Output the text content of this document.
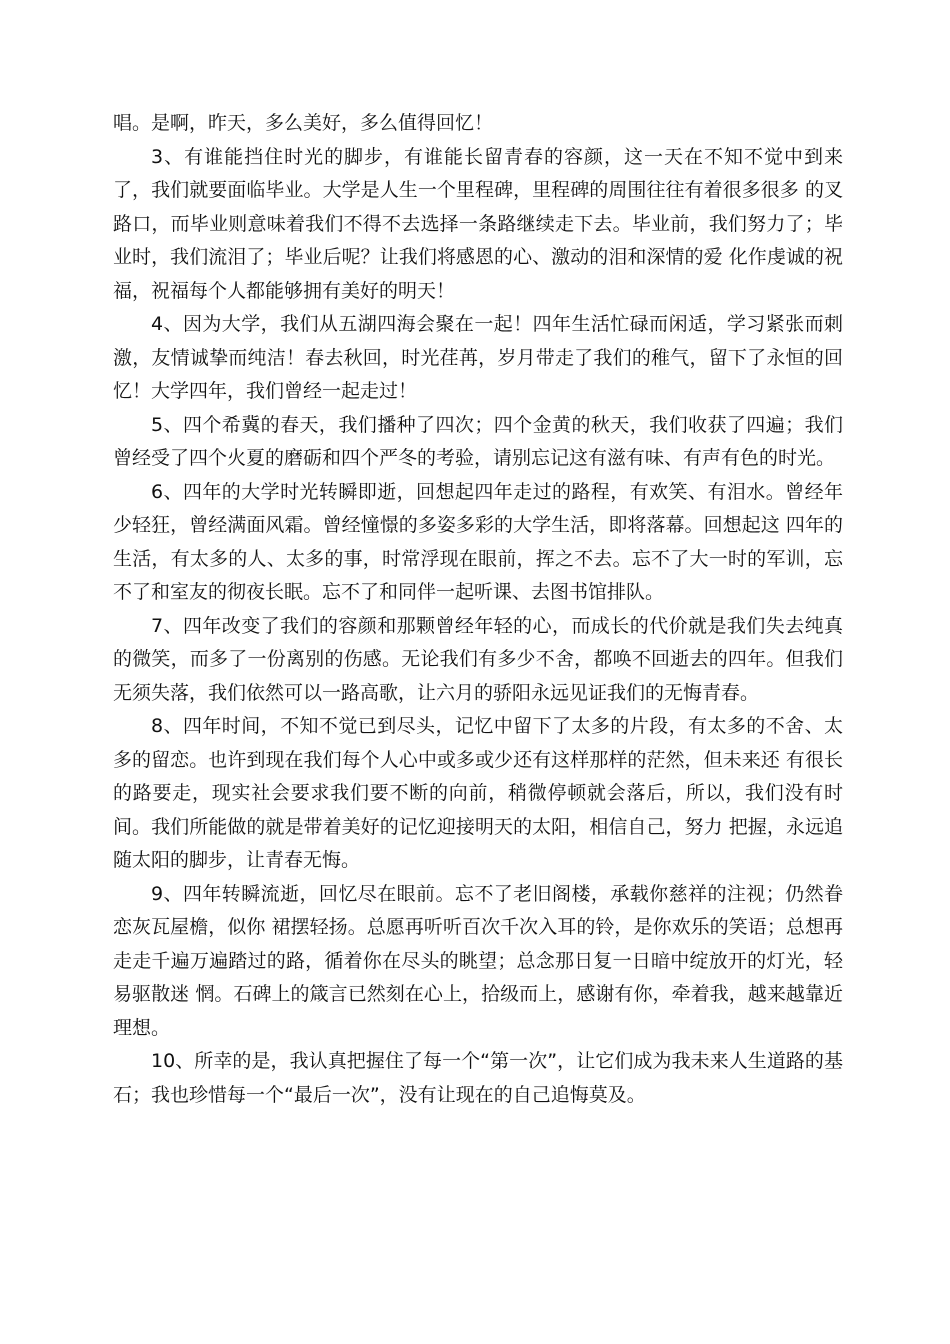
唱。是啊，昨天，多么美好，多么值得回忆！

3、有谁能挡住时光的脚步，有谁能长留青春的容颜，这一天在不知不觉中到来了，我们就要面临毕业。大学是人生一个里程碑，里程碑的周围往往有着很多很多 的叉路口，而毕业则意味着我们不得不去选择一条路继续走下去。毕业前，我们努力了；毕业时，我们流泪了；毕业后呢？让我们将感恩的心、激动的泪和深情的爱 化作虔诚的祝福，祝福每个人都能够拥有美好的明天！

4、因为大学，我们从五湖四海会聚在一起！四年生活忙碌而闲适，学习紧张而刺激，友情诚挚而纯洁！春去秋回，时光荏苒，岁月带走了我们的稚气，留下了永恒的回忆！大学四年，我们曾经一起走过！

5、四个希冀的春天，我们播种了四次；四个金黄的秋天，我们收获了四遍；我们曾经受了四个火夏的磨砺和四个严冬的考验，请别忘记这有滋有味、有声有色的时光。

6、四年的大学时光转瞬即逝，回想起四年走过的路程，有欢笑、有泪水。曾经年少轻狂，曾经满面风霜。曾经憧憬的多姿多彩的大学生活，即将落幕。回想起这 四年的生活，有太多的人、太多的事，时常浮现在眼前，挥之不去。忘不了大一时的军训，忘不了和室友的彻夜长眠。忘不了和同伴一起听课、去图书馆排队。

7、四年改变了我们的容颜和那颗曾经年轻的心，而成长的代价就是我们失去纯真的微笑，而多了一份离别的伤感。无论我们有多少不舍，都唤不回逝去的四年。但我们无须失落，我们依然可以一路高歌，让六月的骄阳永远见证我们的无悔青春。

8、四年时间，不知不觉已到尽头，记忆中留下了太多的片段，有太多的不舍、太多的留恋。也许到现在我们每个人心中或多或少还有这样那样的茫然，但未来还 有很长的路要走，现实社会要求我们要不断的向前，稍微停顿就会落后，所以，我们没有时间。我们所能做的就是带着美好的记忆迎接明天的太阳，相信自己，努力 把握，永远追随太阳的脚步，让青春无悔。

9、四年转瞬流逝，回忆尽在眼前。忘不了老旧阁楼，承载你慈祥的注视；仍然眷恋灰瓦屋檐，似你 裙摆轻扬。总愿再听听百次千次入耳的铃，是你欢乐的笑语；总想再走走千遍万遍踏过的路，循着你在尽头的眺望；总念那日复一日暗中绽放开的灯光，轻易驱散迷 惘。石碑上的箴言已然刻在心上，拾级而上，感谢有你，牵着我，越来越靠近理想。

10、所幸的是，我认真把握住了每一个“第一次”，让它们成为我未来人生道路的基石；我也珍惜每一个“最后一次”，没有让现在的自己追悔莫及。
